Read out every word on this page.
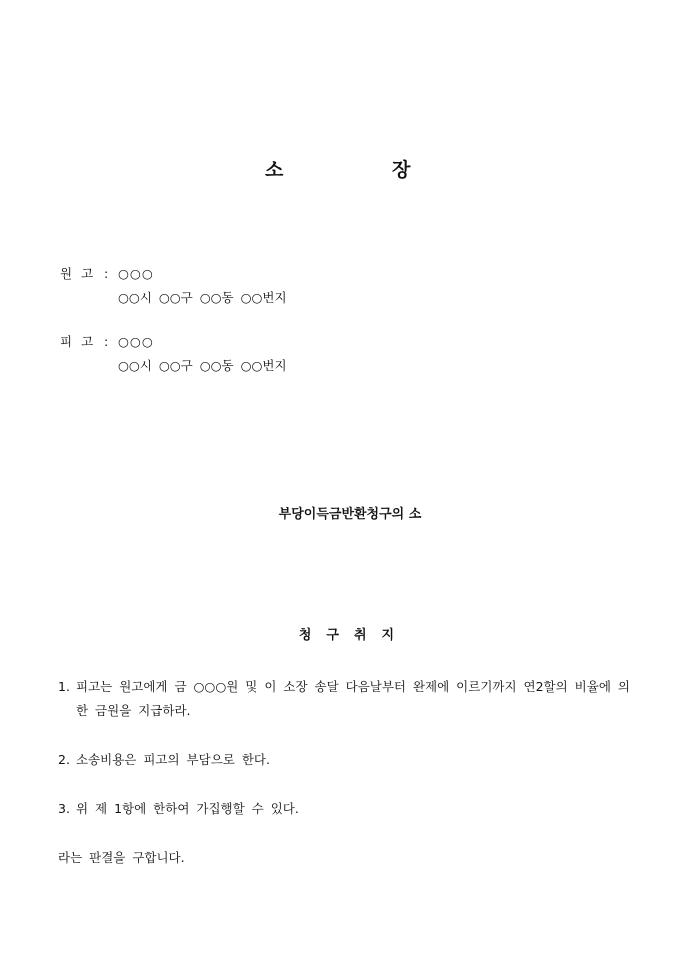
소	장
원고 : ○○○
○○시 ○○구 ○○동 ○○번지
피고 : ○○○
○○시 ○○구 ○○동 ○○번지
부당이득금반환청구의 소
청구취지
1. 피고는 원고에게 금 ○○○원 및 이 소장 송달 다음날부터 완제에 이르기까지 연2할의 비율에 의한 금원을 지급하라.
2. 소송비용은 피고의 부담으로 한다.
3. 위 제 1항에 한하여 가집행할 수 있다.
라는 판결을 구합니다.
